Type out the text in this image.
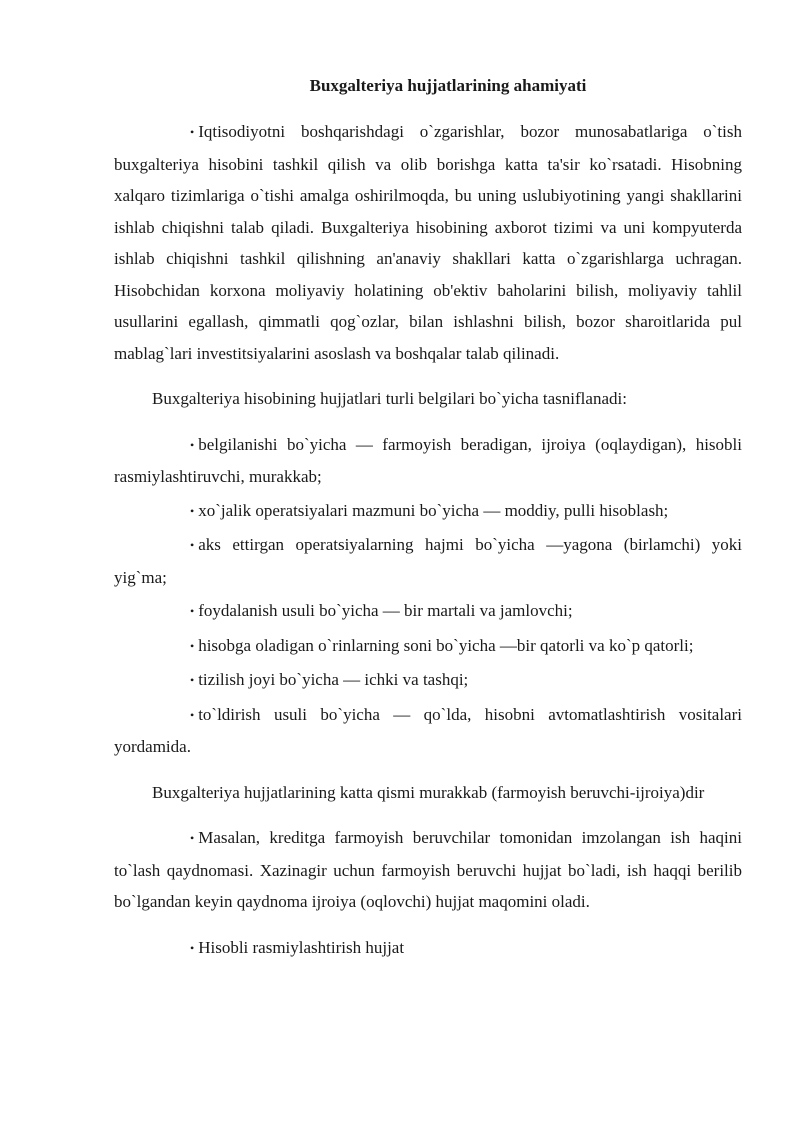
Buxgalteriya hujjatlarining ahamiyati

• Iqtisodiyotni boshqarishdagi o`zgarishlar, bozor munosabatlariga o`tish buxgalteriya hisobini tashkil qilish va olib borishga katta ta'sir ko`rsatadi. Hisobning xalqaro tizimlariga o`tishi amalga oshirilmoqda, bu uning uslubiyotining yangi shakllarini ishlab chiqishni talab qiladi. Buxgalteriya hisobining axborot tizimi va uni kompyuterda ishlab chiqishni tashkil qilishning an'anaviy shakllari katta o`zgarishlarga uchragan. Hisobchidan korxona moliyaviy holatining ob'ektiv baholarini bilish, moliyaviy tahlil usullarini egallash, qimmatli qog`ozlar, bilan ishlashni bilish, bozor sharoitlarida pul mablag`lari investitsiyalarini asoslash va boshqalar talab qilinadi.

Buxgalteriya hisobining hujjatlari turli belgilari bo`yicha tasniflanadi:

• belgilanishi bo`yicha — farmoyish beradigan, ijroiya (oqlaydigan), hisobli rasmiylashtiruvchi, murakkab;

• xo`jalik operatsiyalari mazmuni bo`yicha — moddiy, pulli hisoblash;

• aks ettirgan operatsiyalarning hajmi bo`yicha —yagona (birlamchi) yoki yig`ma;

• foydalanish usuli bo`yicha — bir martali va jamlovchi;

• hisobga oladigan o`rinlarning soni bo`yicha —bir qatorli va ko`p qatorli;

• tizilish joyi bo`yicha — ichki va tashqi;

• to`ldirish usuli bo`yicha — qo`lda, hisobni avtomatlashtirish vositalari yordamida.

Buxgalteriya hujjatlarining katta qismi murakkab (farmoyish beruvchi-ijroiya)dir

• Masalan, kreditga farmoyish beruvchilar tomonidan imzolangan ish haqini to`lash qaydnomasi. Xazinagir uchun farmoyish beruvchi hujjat bo`ladi, ish haqqi berilib bo`lgandan keyin qaydnoma ijroiya (oqlovchi) hujjat maqomini oladi.

• Hisobli rasmiylashtirish hujjat
